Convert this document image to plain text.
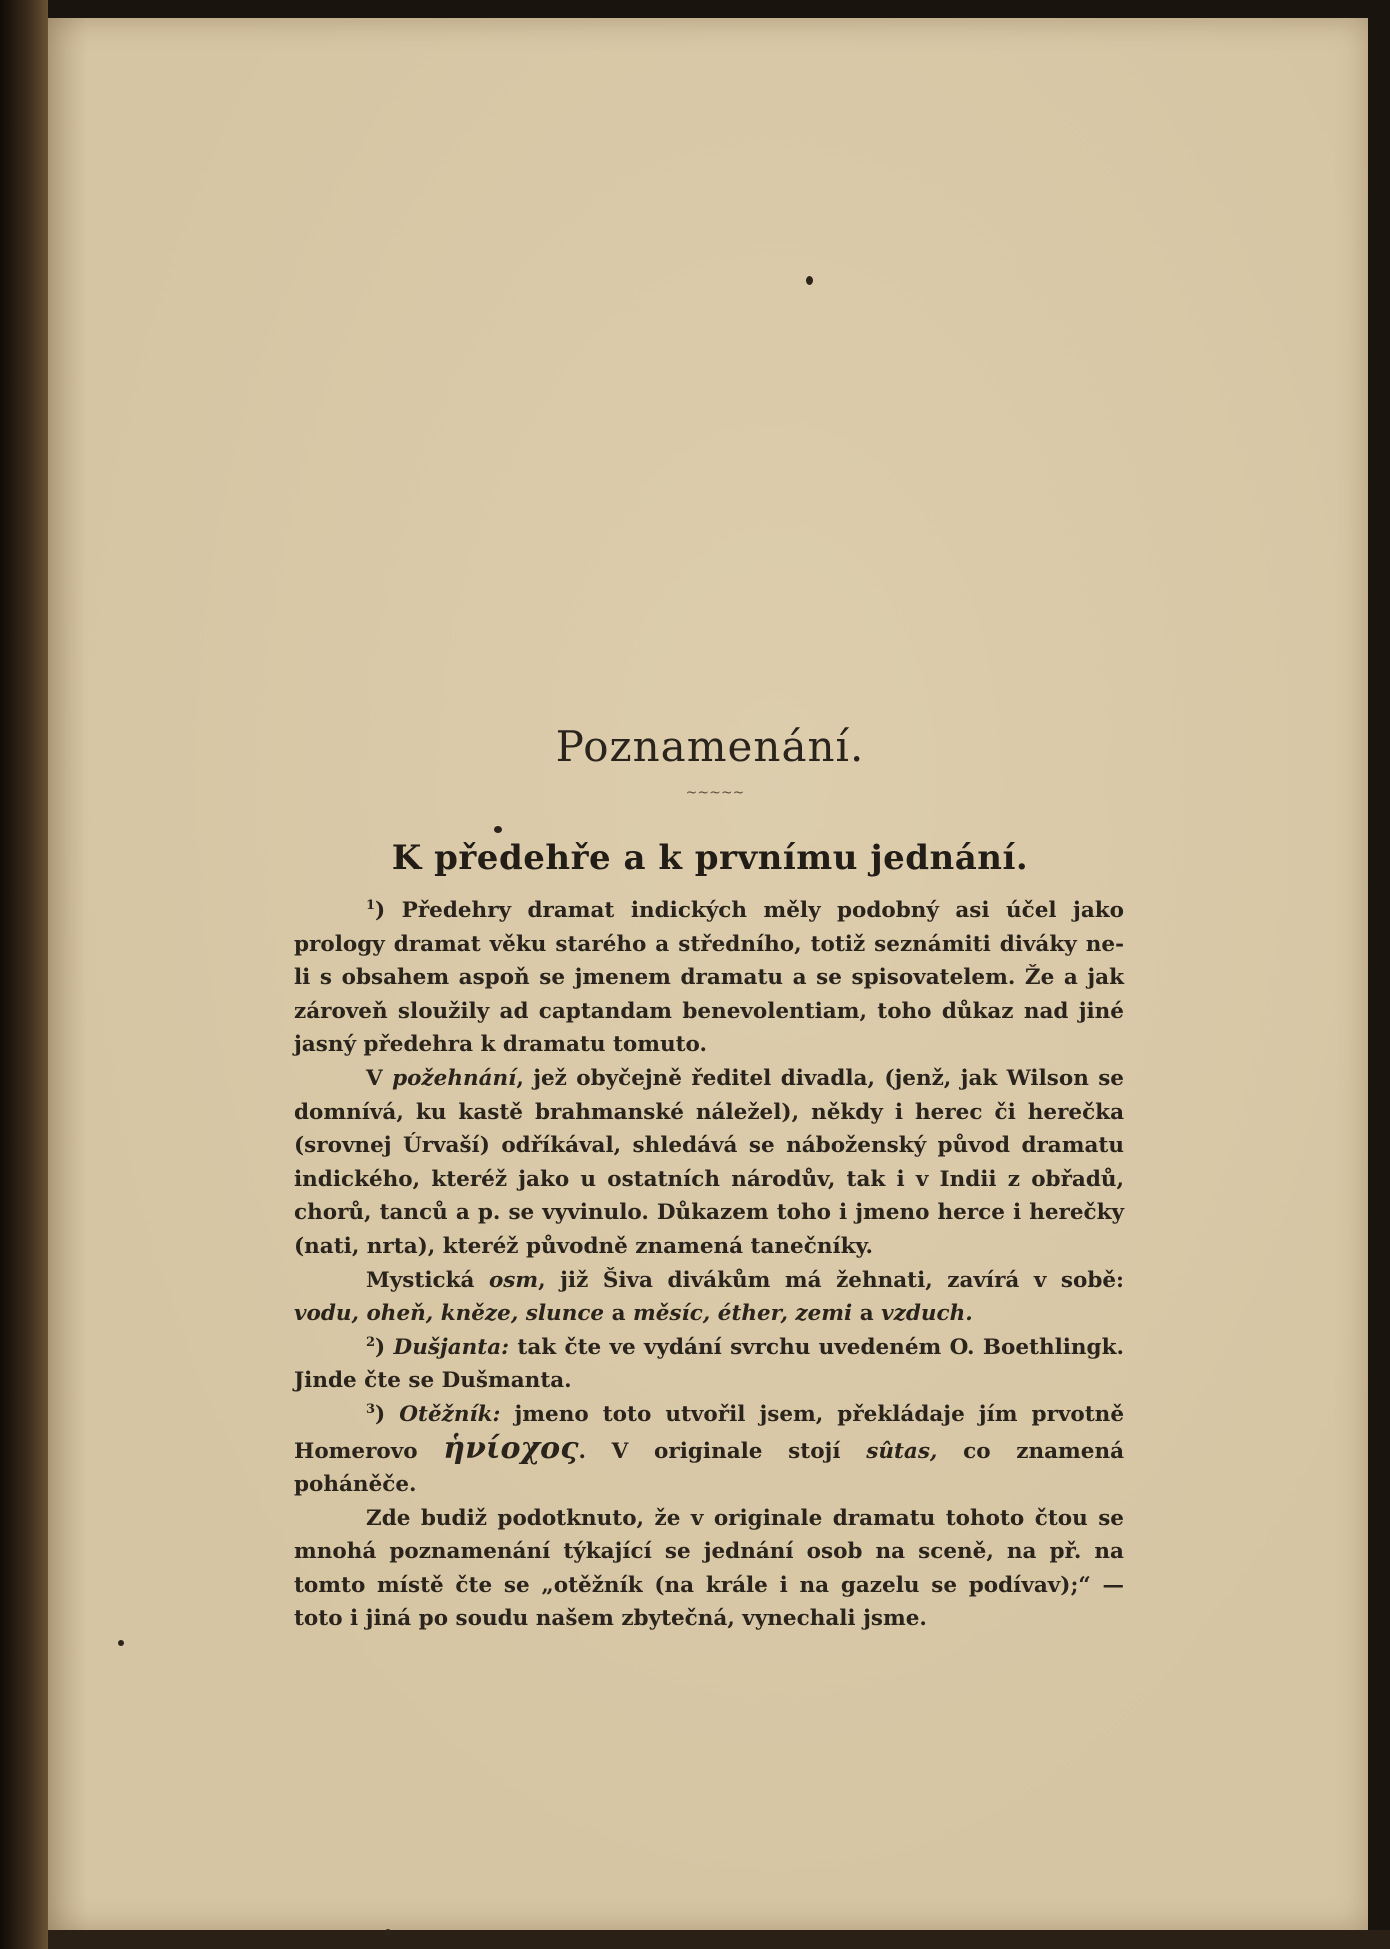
Poznamenání.
~~~~~
K předehře a k prvnímu jednání.

$^1$) Předehry dramat indických měly podobný asi účel jako prology dramat věku starého a středního, totiž seznámiti diváky ne-li s obsahem aspoň se jmenem dramatu a se spisovatelem. Že a jak zároveň sloužily ad captandam benevolentiam, toho důkaz nad jiné jasný předehra k dramatu tomuto.

V požehnání, jež obyčejně ředitel divadla, (jenž, jak Wilson se domnívá, ku kastě brahmanské náležel), někdy i herec či herečka (srovnej Úrvaší) odříkával, shledává se náboženský původ dramatu indického, kteréž jako u ostatních národův, tak i v Indii z obřadů, chorů, tanců a p. se vyvinulo. Důkazem toho i jmeno herce i herečky (nati, nrta), kteréž původně znamená tanečníky.

Mystická osm, již Šiva divákům má žehnati, zavírá v sobě: vodu, oheň, kněze, slunce a měsíc, éther, zemi a vzduch.

$^2$) Dušjanta: tak čte ve vydání svrchu uvedeném O. Boethlingk. Jinde čte se Dušmanta.

$^3$) Otěžník: jmeno toto utvořil jsem, překládaje jím prvotně Homerovo ἡνίοχος. V originale stojí sûtas, co znamená poháněče.

Zde budiž podotknuto, že v originale dramatu tohoto čtou se mnohá poznamenání týkající se jednání osob na sceně, na př. na tomto místě čte se „otěžník (na krále i na gazelu se podívav);“ — toto i jiná po soudu našem zbytečná, vynechali jsme.
